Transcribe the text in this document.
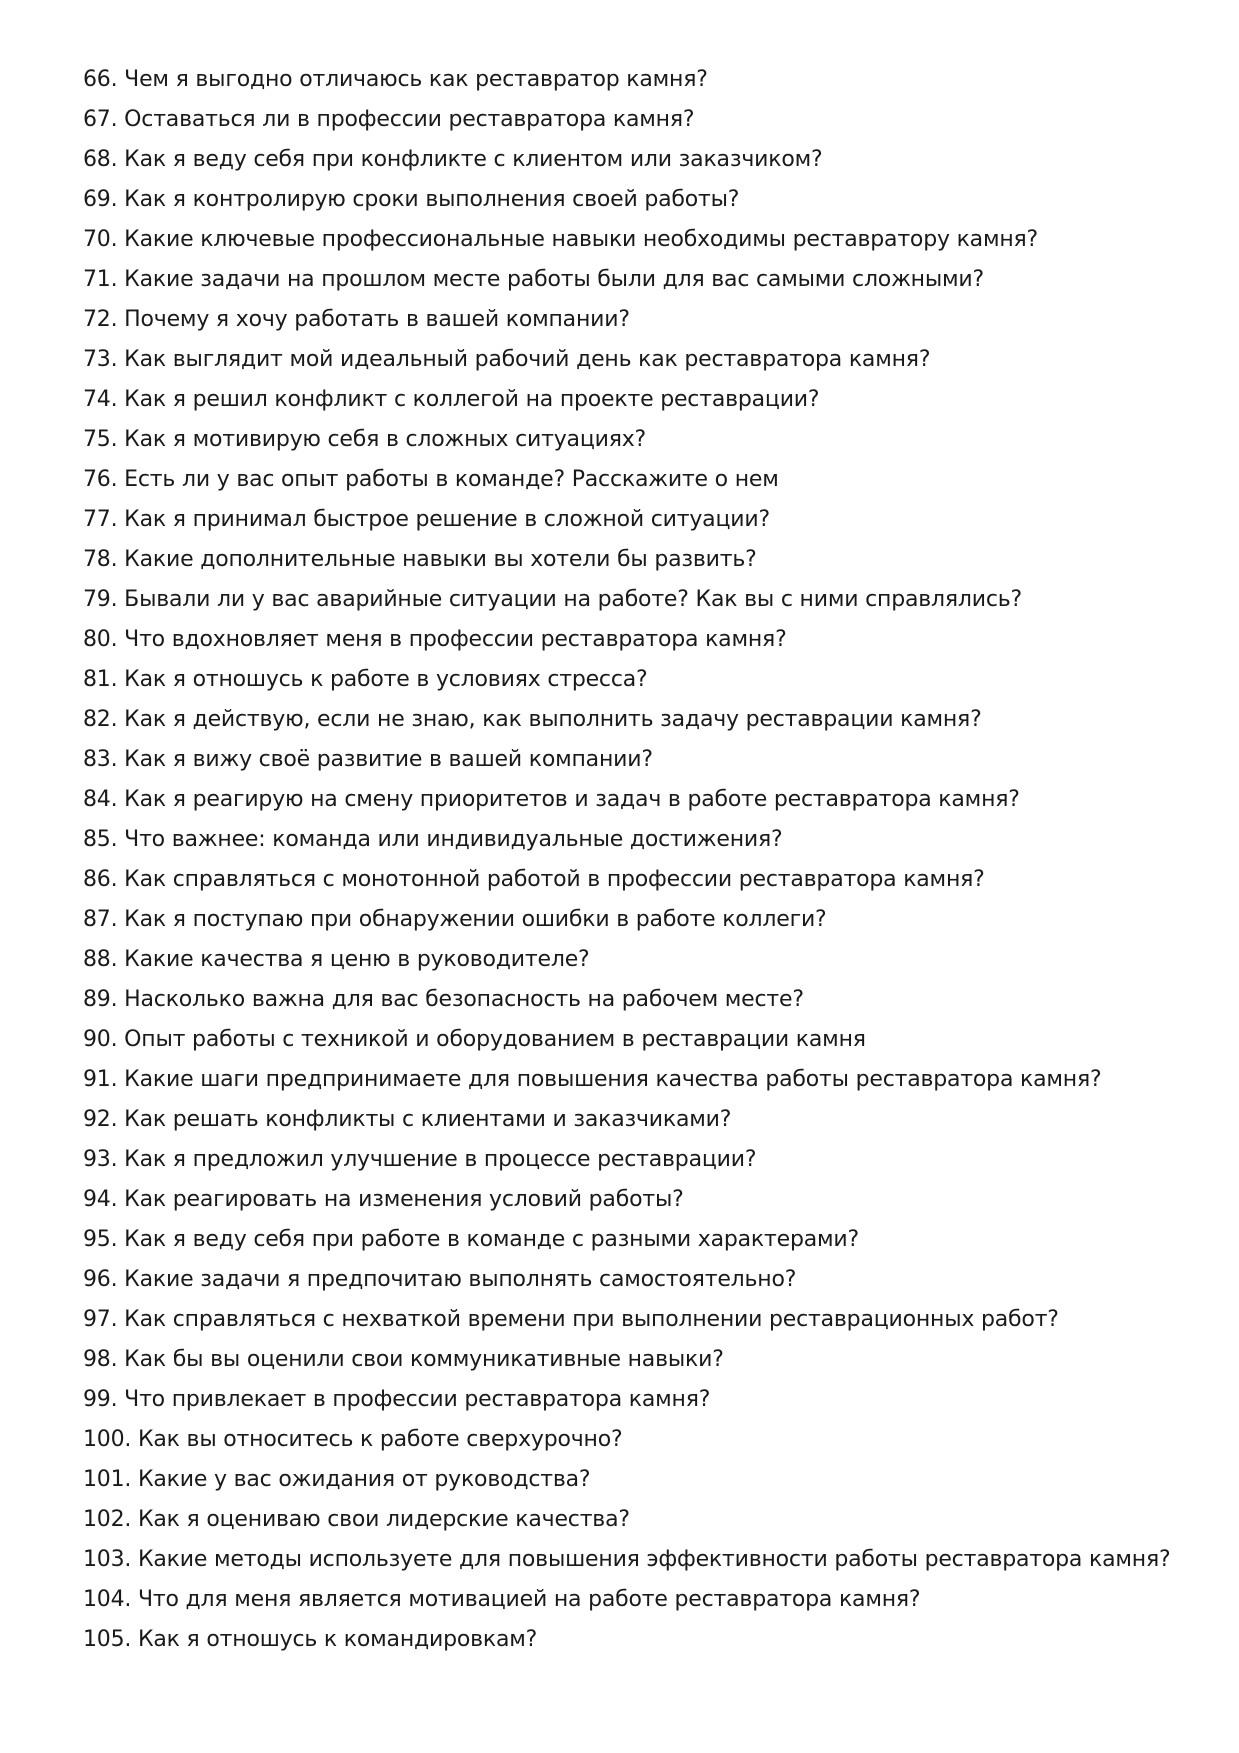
66. Чем я выгодно отличаюсь как реставратор камня?
67. Оставаться ли в профессии реставратора камня?
68. Как я веду себя при конфликте с клиентом или заказчиком?
69. Как я контролирую сроки выполнения своей работы?
70. Какие ключевые профессиональные навыки необходимы реставратору камня?
71. Какие задачи на прошлом месте работы были для вас самыми сложными?
72. Почему я хочу работать в вашей компании?
73. Как выглядит мой идеальный рабочий день как реставратора камня?
74. Как я решил конфликт с коллегой на проекте реставрации?
75. Как я мотивирую себя в сложных ситуациях?
76. Есть ли у вас опыт работы в команде? Расскажите о нем
77. Как я принимал быстрое решение в сложной ситуации?
78. Какие дополнительные навыки вы хотели бы развить?
79. Бывали ли у вас аварийные ситуации на работе? Как вы с ними справлялись?
80. Что вдохновляет меня в профессии реставратора камня?
81. Как я отношусь к работе в условиях стресса?
82. Как я действую, если не знаю, как выполнить задачу реставрации камня?
83. Как я вижу своё развитие в вашей компании?
84. Как я реагирую на смену приоритетов и задач в работе реставратора камня?
85. Что важнее: команда или индивидуальные достижения?
86. Как справляться с монотонной работой в профессии реставратора камня?
87. Как я поступаю при обнаружении ошибки в работе коллеги?
88. Какие качества я ценю в руководителе?
89. Насколько важна для вас безопасность на рабочем месте?
90. Опыт работы с техникой и оборудованием в реставрации камня
91. Какие шаги предпринимаете для повышения качества работы реставратора камня?
92. Как решать конфликты с клиентами и заказчиками?
93. Как я предложил улучшение в процессе реставрации?
94. Как реагировать на изменения условий работы?
95. Как я веду себя при работе в команде с разными характерами?
96. Какие задачи я предпочитаю выполнять самостоятельно?
97. Как справляться с нехваткой времени при выполнении реставрационных работ?
98. Как бы вы оценили свои коммуникативные навыки?
99. Что привлекает в профессии реставратора камня?
100. Как вы относитесь к работе сверхурочно?
101. Какие у вас ожидания от руководства?
102. Как я оцениваю свои лидерские качества?
103. Какие методы используете для повышения эффективности работы реставратора камня?
104. Что для меня является мотивацией на работе реставратора камня?
105. Как я отношусь к командировкам?
